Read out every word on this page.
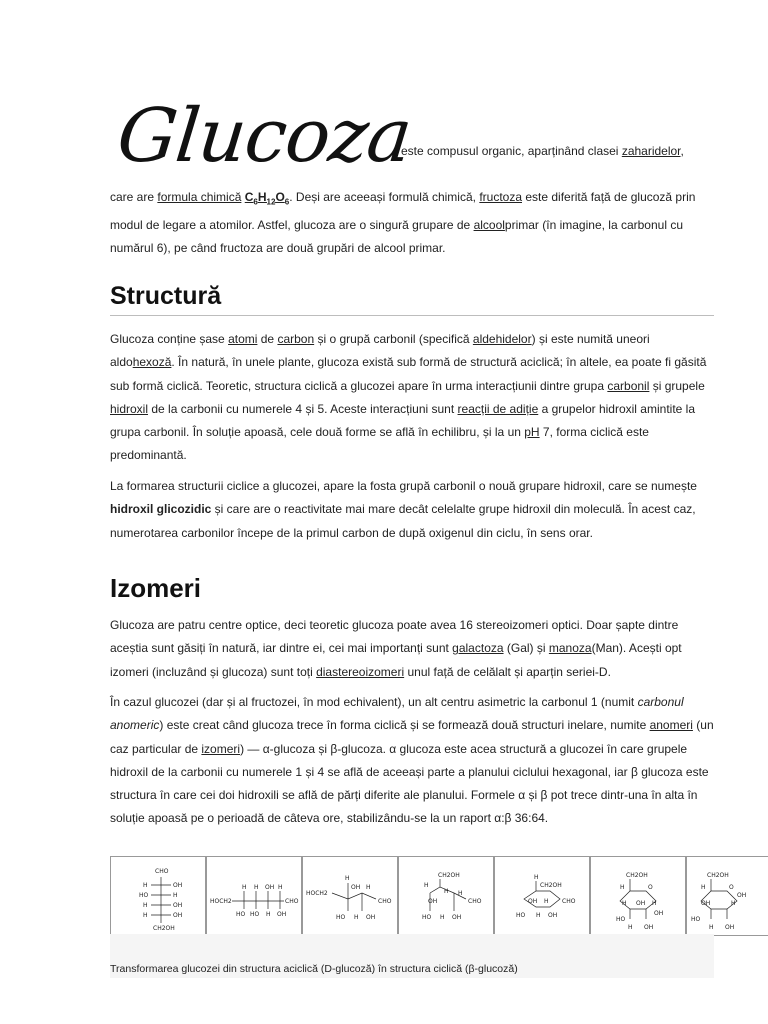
Glucoza
este compusul organic, aparținând clasei zaharidelor,

care are formula chimică $C_6H_{12}O_6$. Deși are aceeași formulă chimică, fructoza este diferită față de glucoză prin modul de legare a atomilor. Astfel, glucoza are o singură grupare de alcoolprimar (în imagine, la carbonul cu numărul 6), pe când fructoza are două grupări de alcool primar.

Structură

Glucoza conține șase atomi de carbon și o grupă carbonil (specifică aldehidelor) și este numită uneori aldohexoză. În natură, în unele plante, glucoza există sub formă de structură aciclică; în altele, ea poate fi găsită sub formă ciclică. Teoretic, structura ciclică a glucozei apare în urma interacțiunii dintre grupa carbonil și grupele hidroxil de la carbonii cu numerele 4 și 5. Aceste interacțiuni sunt reacții de adiție a grupelor hidroxil amintite la grupa carbonil. În soluție apoasă, cele două forme se află în echilibru, și la un pH 7, forma ciclică este predominantă.

La formarea structurii ciclice a glucozei, apare la fosta grupă carbonil o nouă grupare hidroxil, care se numește hidroxil glicozidic și care are o reactivitate mai mare decât celelalte grupe hidroxil din moleculă. În acest caz, numerotarea carbonilor începe de la primul carbon de după oxigenul din ciclu, în sens orar.

Izomeri

Glucoza are patru centre optice, deci teoretic glucoza poate avea 16 stereoizomeri optici. Doar șapte dintre aceștia sunt găsiți în natură, iar dintre ei, cei mai importanți sunt galactoza (Gal) și manoza(Man). Acești opt izomeri (incluzând și glucoza) sunt toți diastereoizomeri unul față de celălalt și aparțin seriei-D.

În cazul glucozei (dar și al fructozei, în mod echivalent), un alt centru asimetric la carbonul 1 (numit carbonul anomeric) este creat când glucoza trece în forma ciclică și se formează două structuri inelare, numite anomeri (un caz particular de izomeri) — α-glucoza și β-glucoza. α glucoza este acea structură a glucozei în care grupele hidroxil de la carbonii cu numerele 1 și 4 se află de aceeași parte a planului ciclului hexagonal, iar β glucoza este structura în care cei doi hidroxili se află de părți diferite ale planului. Formele α și β pot trece dintr-una în alta în soluție apoasă pe o perioadă de câteva ore, stabilizându-se la un raport α:β 36:64.

CHO
H	OH
HO	H
H	OH
H	OH
CH2OH
HOCH2
H H OH H
CHO
HO HO H OH
HOCH2
H
OH H
CHO
HO H OH
CH2OH
H
H
OH
H
CHO
HO H OH
H
CH2OH
OH H CHO
HO H OH
CH2OH
H	O
H OH H
HO
OH
H OH
CH2OH
H	O
OH
OH
H
HO
H OH
Transformarea glucozei din structura aciclică (D-glucoză) în structura ciclică (β-glucoză)
